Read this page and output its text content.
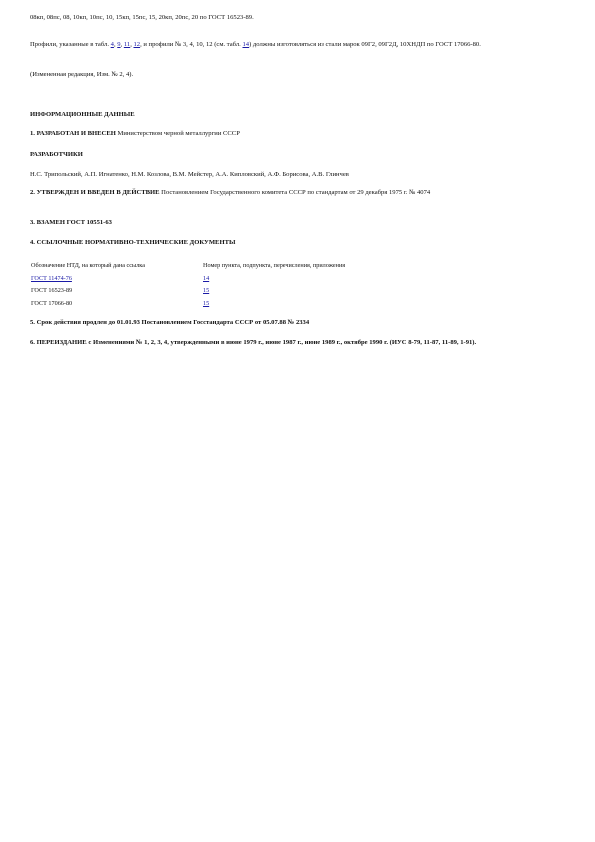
08кп, 08пс, 08, 10кп, 10пс, 10, 15кп, 15пс, 15, 20кп, 20пс, 20 по ГОСТ 16523-89.

Профили, указанные в табл. 4, 9, 11, 12, и профили № 3, 4, 10, 12 (см. табл. 14) должны изготовляться из стали марок 09Г2, 09Г2Д, 10ХНДП по ГОСТ 17066-80.

(Измененная редакция, Изм. № 2, 4).

ИНФОРМАЦИОННЫЕ ДАННЫЕ

1. РАЗРАБОТАН И ВНЕСЕН Министерством черной металлургии СССР

РАЗРАБОТЧИКИ

Н.С. Трипольский, А.П. Игнатенко, Н.М. Козлова, В.М. Мейстер, А.А. Кипловский, А.Ф. Борисова, А.В. Глинчев

2. УТВЕРЖДЕН И ВВЕДЕН В ДЕЙСТВИЕ Постановлением Государственного комитета СССР по стандартам от 29 декабря 1975 г. № 4074

3. ВЗАМЕН ГОСТ 10551-63

4. ССЫЛОЧНЫЕ НОРМАТИВНО-ТЕХНИЧЕСКИЕ ДОКУМЕНТЫ

Обозначение НТД, на который дана ссылка	Номер пункта, подпункта, перечисления, приложения
ГОСТ 11474-76	14
ГОСТ 16523-89	15
ГОСТ 17066-80	15

5. Срок действия продлен до 01.01.93 Постановлением Госстандарта СССР от 05.07.88 № 2334

6. ПЕРЕИЗДАНИЕ с Изменениями № 1, 2, 3, 4, утвержденными в июне 1979 г., июне 1987 г., июне 1989 г., октябре 1990 г. (ИУС 8-79, 11-87, 11-89, 1-91).
